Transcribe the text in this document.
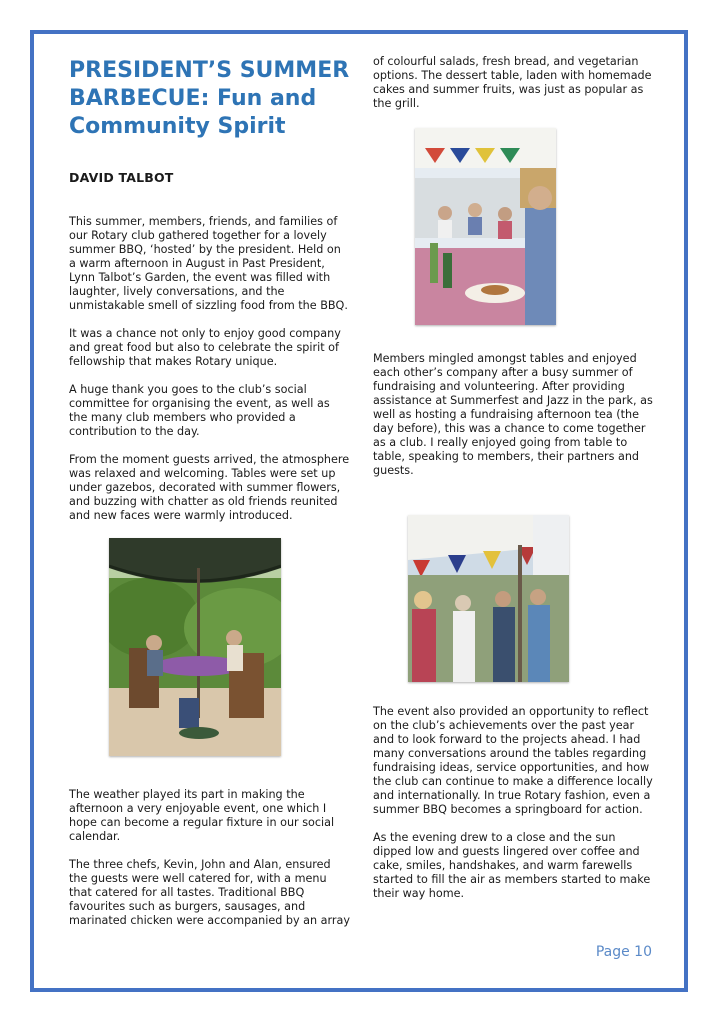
PRESIDENT’S SUMMER BARBECUE: Fun and Community Spirit
DAVID TALBOT

This summer, members, friends, and families of our Rotary club gathered together for a lovely summer BBQ, ‘hosted’ by the president. Held on a warm afternoon in August in Past President, Lynn Talbot’s Garden, the event was filled with laughter, lively conversations, and the unmistakable smell of sizzling food from the BBQ.

It was a chance not only to enjoy good company and great food but also to celebrate the spirit of fellowship that makes Rotary unique.

A huge thank you goes to the club’s social committee for organising the event, as well as the many club members who provided a contribution to the day.

From the moment guests arrived, the atmosphere was relaxed and welcoming. Tables were set up under gazebos, decorated with summer flowers, and buzzing with chatter as old friends reunited and new faces were warmly introduced.

The weather played its part in making the afternoon a very enjoyable event, one which I hope can become a regular fixture in our social calendar.

The three chefs, Kevin, John and Alan, ensured the guests were well catered for, with a menu that catered for all tastes. Traditional BBQ favourites such as burgers, sausages, and marinated chicken were accompanied by an array

of colourful salads, fresh bread, and vegetarian options. The dessert table, laden with homemade cakes and summer fruits, was just as popular as the grill.

Members mingled amongst tables and enjoyed each other’s company after a busy summer of fundraising and volunteering. After providing assistance at Summerfest and Jazz in the park, as well as hosting a fundraising afternoon tea (the day before), this was a chance to come together as a club. I really enjoyed going from table to table, speaking to members, their partners and guests.

The event also provided an opportunity to reflect on the club’s achievements over the past year and to look forward to the projects ahead. I had many conversations around the tables regarding fundraising ideas, service opportunities, and how the club can continue to make a difference locally and internationally. In true Rotary fashion, even a summer BBQ becomes a springboard for action.

As the evening drew to a close and the sun dipped low and guests lingered over coffee and cake, smiles, handshakes, and warm farewells started to fill the air as members started to make their way home.

Page 10
